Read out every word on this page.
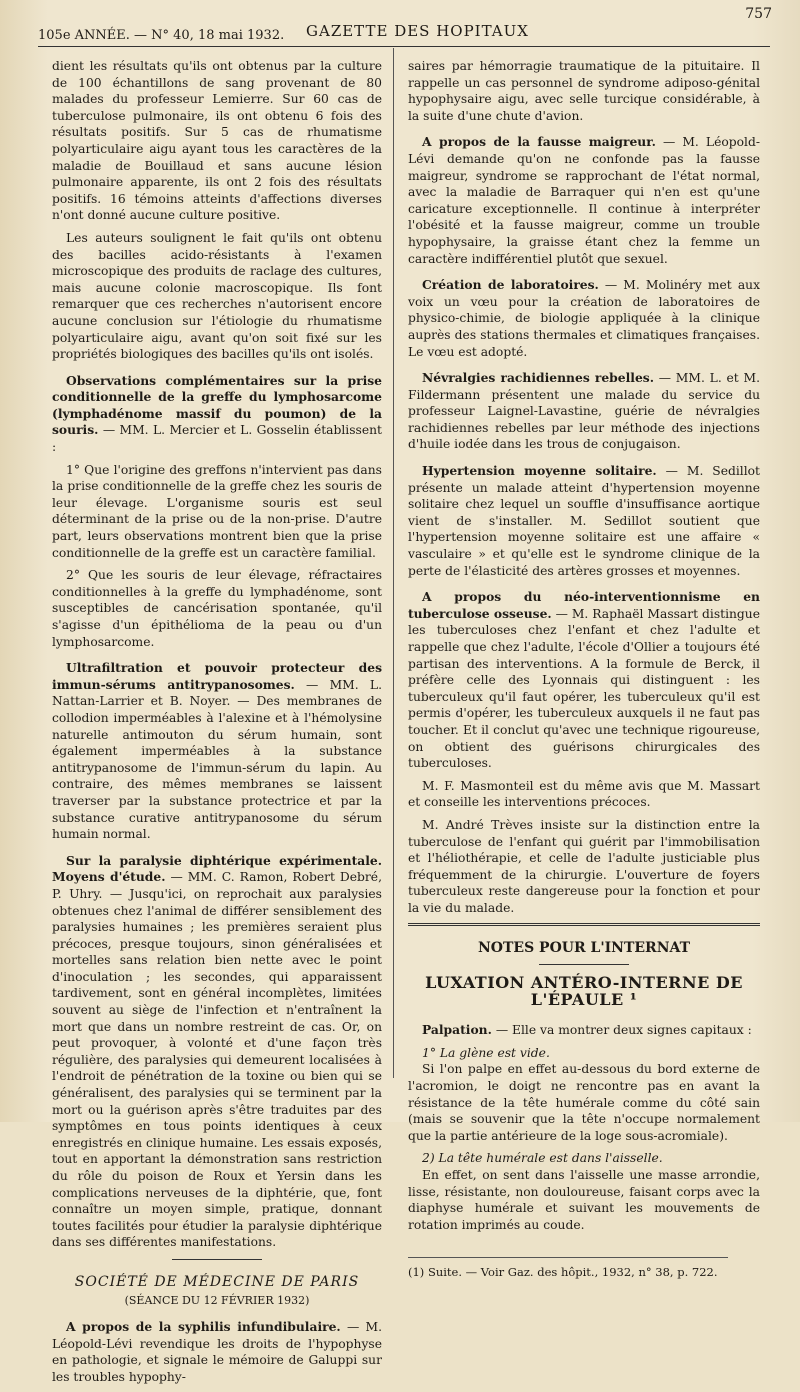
105e ANNÉE. — N° 40, 18 mai 1932. GAZETTE DES HOPITAUX
757

dient les résultats qu'ils ont obtenus par la culture de 100 échantillons de sang provenant de 80 malades du professeur Lemierre. Sur 60 cas de tuberculose pulmonaire, ils ont obtenu 6 fois des résultats positifs. Sur 5 cas de rhumatisme polyarticulaire aigu ayant tous les caractères de la maladie de Bouillaud et sans aucune lésion pulmonaire apparente, ils ont 2 fois des résultats positifs. 16 témoins atteints d'affections diverses n'ont donné aucune culture positive.

Les auteurs soulignent le fait qu'ils ont obtenu des bacilles acido-résistants à l'examen microscopique des produits de raclage des cultures, mais aucune colonie macroscopique. Ils font remarquer que ces recherches n'autorisent encore aucune conclusion sur l'étiologie du rhumatisme polyarticulaire aigu, avant qu'on soit fixé sur les propriétés biologiques des bacilles qu'ils ont isolés.

Observations complémentaires sur la prise conditionnelle de la greffe du lymphosarcome (lymphadénome massif du poumon) de la souris. — MM. L. Mercier et L. Gosselin établissent :

1° Que l'origine des greffons n'intervient pas dans la prise conditionnelle de la greffe chez les souris de leur élevage. L'organisme souris est seul déterminant de la prise ou de la non-prise. D'autre part, leurs observations montrent bien que la prise conditionnelle de la greffe est un caractère familial.

2° Que les souris de leur élevage, réfractaires conditionnelles à la greffe du lymphadénome, sont susceptibles de cancérisation spontanée, qu'il s'agisse d'un épithélioma de la peau ou d'un lymphosarcome.

Ultrafiltration et pouvoir protecteur des immun-sérums antitrypanosomes. — MM. L. Nattan-Larrier et B. Noyer. — Des membranes de collodion imperméables à l'alexine et à l'hémolysine naturelle antimouton du sérum humain, sont également imperméables à la substance antitrypanosome de l'immun-sérum du lapin. Au contraire, des mêmes membranes se laissent traverser par la substance protectrice et par la substance curative antitrypanosome du sérum humain normal.

Sur la paralysie diphtérique expérimentale. Moyens d'étude. — MM. C. Ramon, Robert Debré, P. Uhry. — Jusqu'ici, on reprochait aux paralysies obtenues chez l'animal de différer sensiblement des paralysies humaines ; les premières seraient plus précoces, presque toujours, sinon généralisées et mortelles sans relation bien nette avec le point d'inoculation ; les secondes, qui apparaissent tardivement, sont en général incomplètes, limitées souvent au siège de l'infection et n'entraînent la mort que dans un nombre restreint de cas. Or, on peut provoquer, à volonté et d'une façon très régulière, des paralysies qui demeurent localisées à l'endroit de pénétration de la toxine ou bien qui se généralisent, des paralysies qui se terminent par la mort ou la guérison après s'être traduites par des symptômes en tous points identiques à ceux enregistrés en clinique humaine. Les essais exposés, tout en apportant la démonstration sans restriction du rôle du poison de Roux et Yersin dans les complications nerveuses de la diphtérie, que, font connaître un moyen simple, pratique, donnant toutes facilités pour étudier la paralysie diphtérique dans ses différentes manifestations.

SOCIÉTÉ DE MÉDECINE DE PARIS
(SÉANCE DU 12 FÉVRIER 1932)

A propos de la syphilis infundibulaire. — M. Léopold-Lévi revendique les droits de l'hypophyse en pathologie, et signale le mémoire de Galuppi sur les troubles hypophy-

saires par hémorragie traumatique de la pituitaire. Il rappelle un cas personnel de syndrome adiposo-génital hypophysaire aigu, avec selle turcique considérable, à la suite d'une chute d'avion.

A propos de la fausse maigreur. — M. Léopold-Lévi demande qu'on ne confonde pas la fausse maigreur, syndrome se rapprochant de l'état normal, avec la maladie de Barraquer qui n'en est qu'une caricature exceptionnelle. Il continue à interpréter l'obésité et la fausse maigreur, comme un trouble hypophysaire, la graisse étant chez la femme un caractère indifférentiel plutôt que sexuel.

Création de laboratoires. — M. Molinéry met aux voix un vœu pour la création de laboratoires de physico-chimie, de biologie appliquée à la clinique auprès des stations thermales et climatiques françaises. Le vœu est adopté.

Névralgies rachidiennes rebelles. — MM. L. et M. Fildermann présentent une malade du service du professeur Laignel-Lavastine, guérie de névralgies rachidiennes rebelles par leur méthode des injections d'huile iodée dans les trous de conjugaison.

Hypertension moyenne solitaire. — M. Sedillot présente un malade atteint d'hypertension moyenne solitaire chez lequel un souffle d'insuffisance aortique vient de s'installer. M. Sedillot soutient que l'hypertension moyenne solitaire est une affaire « vasculaire » et qu'elle est le syndrome clinique de la perte de l'élasticité des artères grosses et moyennes.

A propos du néo-interventionnisme en tuberculose osseuse. — M. Raphaël Massart distingue les tuberculoses chez l'enfant et chez l'adulte et rappelle que chez l'adulte, l'école d'Ollier a toujours été partisan des interventions. A la formule de Berck, il préfère celle des Lyonnais qui distinguent : les tuberculeux qu'il faut opérer, les tuberculeux qu'il est permis d'opérer, les tuberculeux auxquels il ne faut pas toucher. Et il conclut qu'avec une technique rigoureuse, on obtient des guérisons chirurgicales des tuberculoses.

M. F. Masmonteil est du même avis que M. Massart et conseille les interventions précoces.

M. André Trèves insiste sur la distinction entre la tuberculose de l'enfant qui guérit par l'immobilisation et l'héliothérapie, et celle de l'adulte justiciable plus fréquemment de la chirurgie. L'ouverture de foyers tuberculeux reste dangereuse pour la fonction et pour la vie du malade.

NOTES POUR L'INTERNAT
LUXATION ANTÉRO-INTERNE DE L'ÉPAULE ¹

Palpation. — Elle va montrer deux signes capitaux :

1° La glène est vide.

Si l'on palpe en effet au-dessous du bord externe de l'acromion, le doigt ne rencontre pas en avant la résistance de la tête humérale comme du côté sain (mais se souvenir que la tête n'occupe normalement que la partie antérieure de la loge sous-acromiale).

2) La tête humérale est dans l'aisselle.

En effet, on sent dans l'aisselle une masse arrondie, lisse, résistante, non douloureuse, faisant corps avec la diaphyse humérale et suivant les mouvements de rotation imprimés au coude.

(1) Suite. — Voir Gaz. des hôpit., 1932, n° 38, p. 722.
